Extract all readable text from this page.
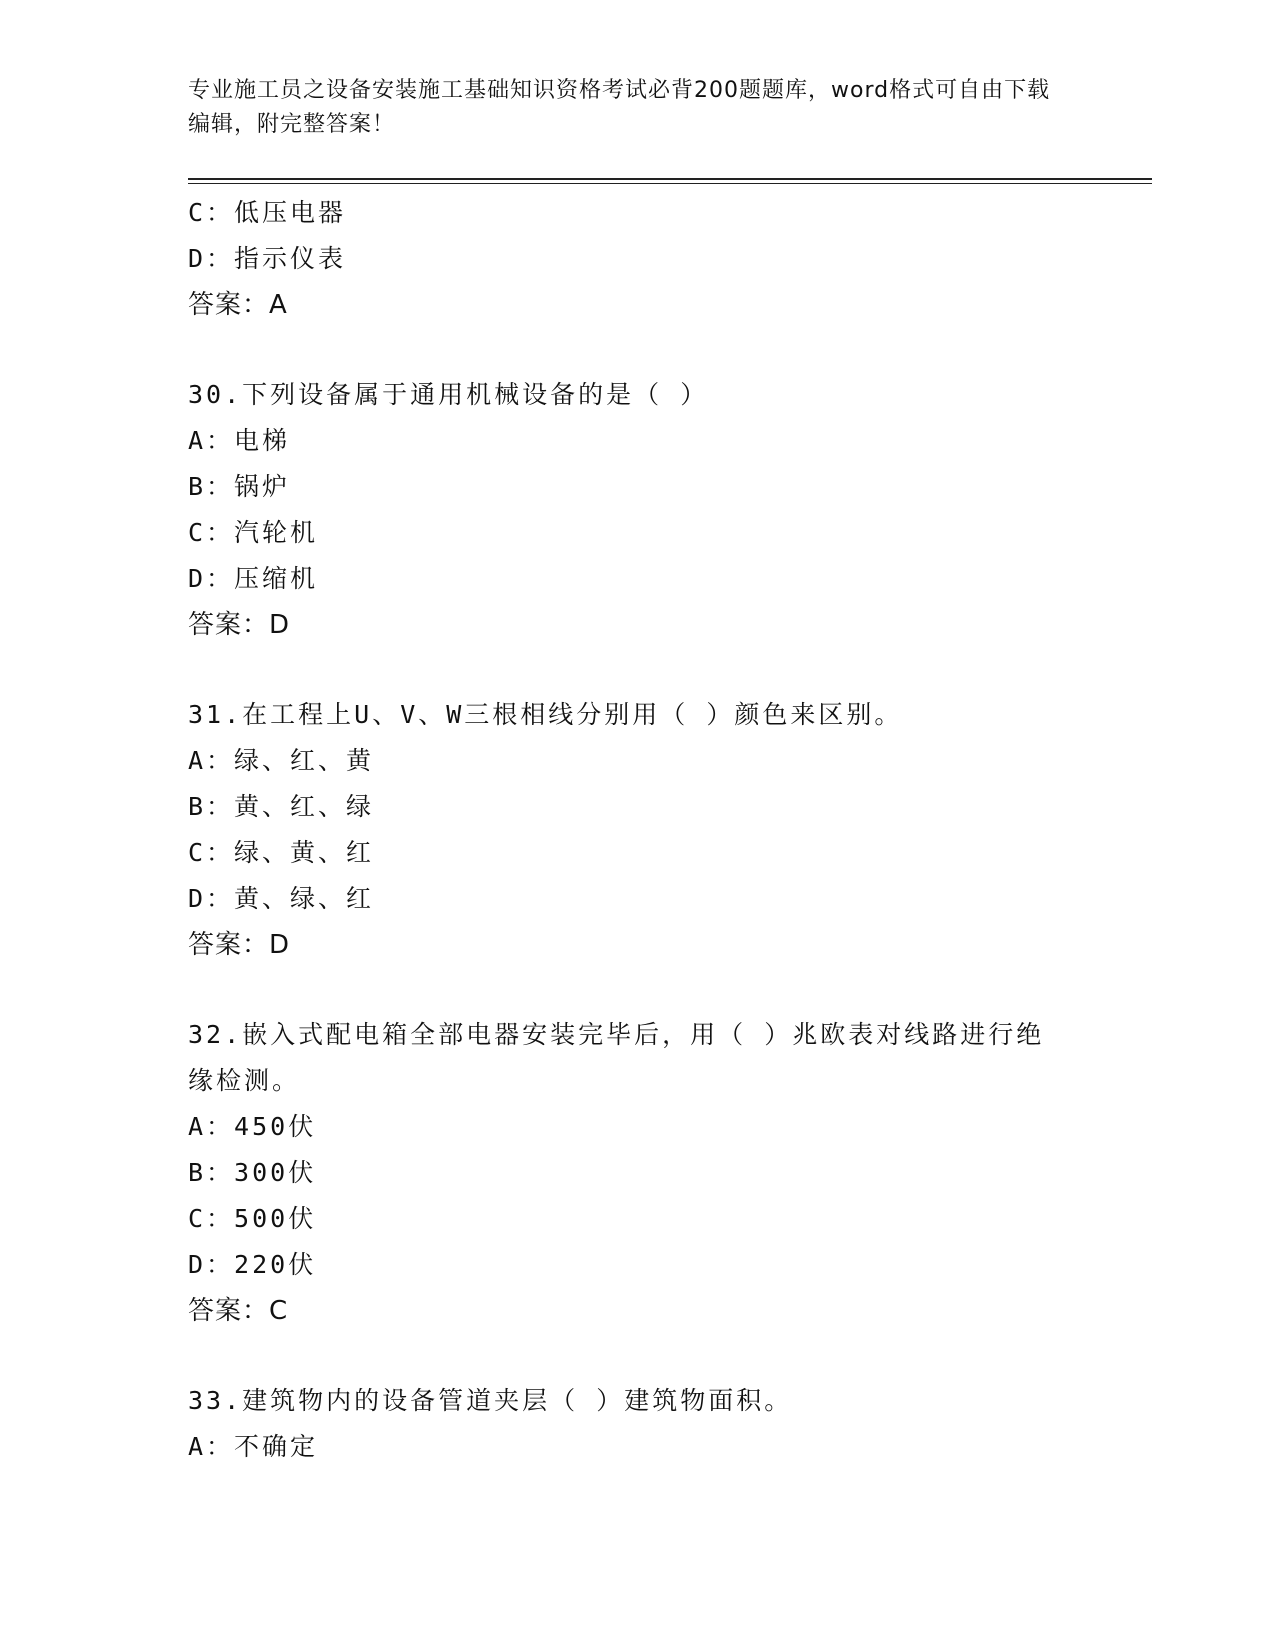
专业施工员之设备安装施工基础知识资格考试必背200题题库，word格式可自由下载编辑，附完整答案！
C：低压电器
D：指示仪表
答案：A
30.下列设备属于通用机械设备的是（ ）
A：电梯
B：锅炉
C：汽轮机
D：压缩机
答案：D
31.在工程上U、V、W三根相线分别用（ ）颜色来区别。
A：绿、红、黄
B：黄、红、绿
C：绿、黄、红
D：黄、绿、红
答案：D
32.嵌入式配电箱全部电器安装完毕后，用（ ）兆欧表对线路进行绝缘检测。
A：450伏
B：300伏
C：500伏
D：220伏
答案：C
33.建筑物内的设备管道夹层（ ）建筑物面积。
A：不确定
